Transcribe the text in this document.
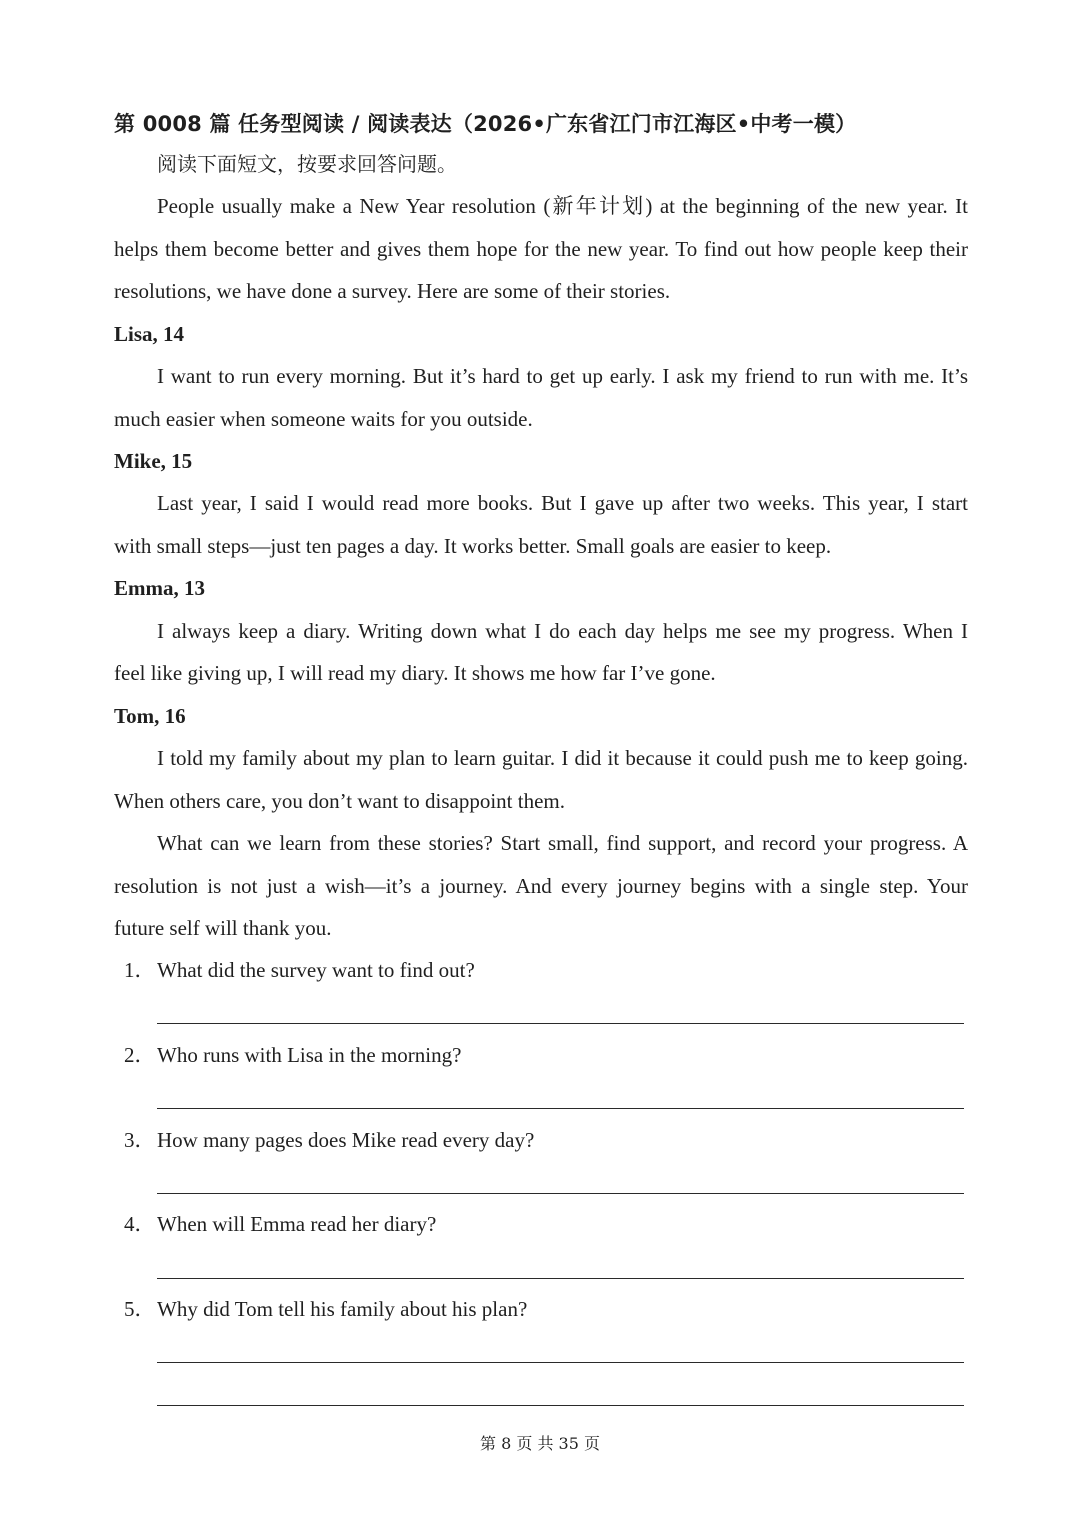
第 0008 篇 任务型阅读 / 阅读表达（2026•广东省江门市江海区•中考一模）
阅读下面短文，按要求回答问题。
People usually make a New Year resolution (新年计划) at the beginning of the new year. It
helps them become better and gives them hope for the new year. To find out how people keep their
resolutions, we have done a survey. Here are some of their stories.
Lisa, 14
I want to run every morning. But it’s hard to get up early. I ask my friend to run with me. It’s
much easier when someone waits for you outside.
Mike, 15
Last year, I said I would read more books. But I gave up after two weeks. This year, I start
with small steps—just ten pages a day. It works better. Small goals are easier to keep.
Emma, 13
I always keep a diary. Writing down what I do each day helps me see my progress. When I
feel like giving up, I will read my diary. It shows me how far I’ve gone.
Tom, 16
I told my family about my plan to learn guitar. I did it because it could push me to keep going.
When others care, you don’t want to disappoint them.
What can we learn from these stories? Start small, find support, and record your progress. A
resolution is not just a wish—it’s a journey. And every journey begins with a single step. Your
future self will thank you.
1． What did the survey want to find out?
2． Who runs with Lisa in the morning?
3． How many pages does Mike read every day?
4． When will Emma read her diary?
5． Why did Tom tell his family about his plan?
第 8 页 共 35 页
